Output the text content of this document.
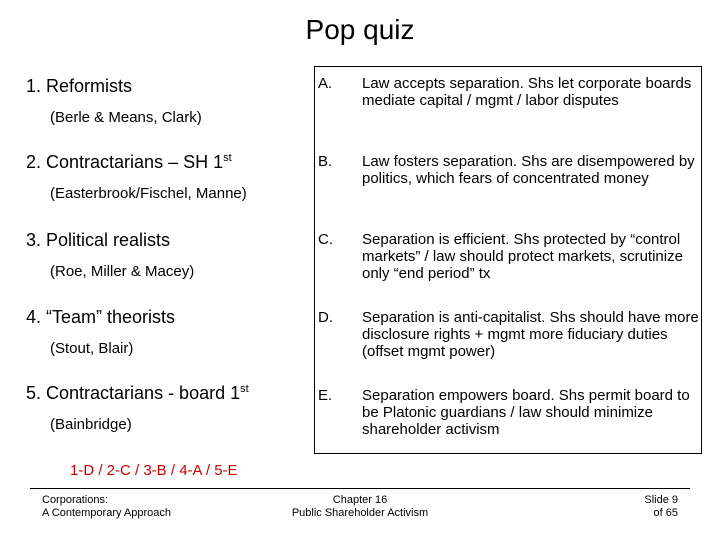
Pop quiz
1. Reformists
(Berle & Means, Clark)
2. Contractarians – SH 1st
(Easterbrook/Fischel, Manne)
3. Political realists
(Roe, Miller & Macey)
4. “Team” theorists
(Stout, Blair)
5. Contractarians - board 1st
(Bainbridge)
A. Law accepts separation. Shs let corporate boards mediate capital / mgmt / labor disputes
B. Law fosters separation. Shs are disempowered by politics, which fears of concentrated money
C. Separation is efficient. Shs protected by “control markets” / law should protect markets, scrutinize only “end period” tx
D. Separation is anti-capitalist. Shs should have more disclosure rights + mgmt more fiduciary duties (offset mgmt power)
E. Separation empowers board. Shs permit board to be Platonic guardians / law should minimize shareholder activism
1-D / 2-C / 3-B / 4-A / 5-E
Corporations:
A Contemporary Approach
Chapter 16
Public Shareholder Activism
Slide 9
of 65
